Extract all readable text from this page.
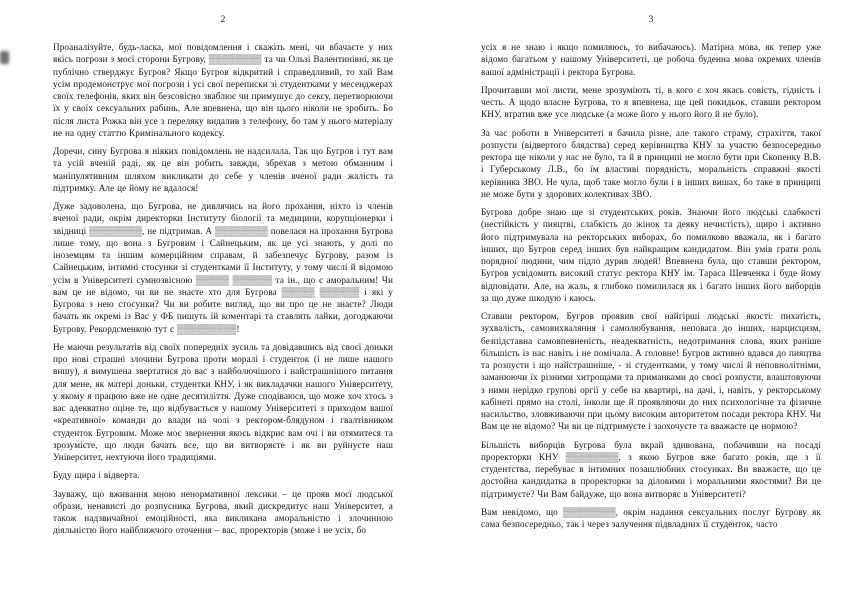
2

Проаналізуйте, будь-ласка, мої повідомлення і скажіть мені, чи вбачаєте у них якісь погрози з моєї сторони Бугрову, ▒▒▒▒▒▒▒▒ та чи Ользі Валентинівні, як це публічно стверджує Бугров? Якщо Бугров відкритий і справедливий, то хай Вам усім продемонструє мої погрози і усі свої переписки зі студентками у месенджерах своїх телефонів, яких він безсовісно зваблює чи примушує до сексу, перетворюючи їх у своїх сексуальних рабинь. Але впевнена, що він цього ніколи не зробить. Бо після листа Рожка він усе з переляку видалив з телефону, бо там у нього матеріалу не на одну статтю Кримінального кодексу.

Доречи, сину Бугрова я ніяких повідомлень не надсилала. Так що Бугров і тут вам та усій вченій раді, як це він робить завжди, збрехав з метою обманним і маніпулятивним шляхом викликати до себе у членів вченої ради жалість та підтримку. Але це йому не вдалося!

Дуже задоволена, що Бугрова, не дивлячись на його прохання, ніхто із членів вченої ради, окрім директорки Інституту біології та медицини, корупціонерки і звідниці ▒▒▒▒▒▒▒▒, не підтримав. А ▒▒▒▒▒▒▒▒ повелася на прохання Бугрова лише тому, що вона з Бугровим і Сайнецьким, як це усі знають, у долі по іноземцям та іншим комерційним справам, й забезпечує Бугрову, разом із Сайнецьким, інтимні стосунки зі студентками її Інституту, у тому числі й відомою усім в Університеті сумнозвісною ▒▒▒▒▒ ▒▒▒▒▒▒ та ін., що є аморальним! Чи вам це не відомо, чи ви не знаєте хто для Бугрова ▒▒▒▒▒ ▒▒▒▒▒▒ і які у Бугрова з нею стосунки? Чи ви робите вигляд, що ви про це не знаєте? Люди бачать як окремі із Вас у ФБ пишуть їй коментарі та ставлять лайки, догоджаючи Бугрову. Рекордсменкою тут є ▒▒▒▒▒▒▒▒▒!

Не маючи результатів від своїх попередніх зусиль та довідавшись від своєї доньки про нові страшні злочини Бугрова проти моралі і студенток (і не лише нашого вишу), я вимушена звертатися до вас з найболючішого і найстрашнішого питання для мене, як матері доньки, студентки КНУ, і як викладачки нашого Університету, у якому я працюю вже не одне десятиліття. Дуже сподіваюся, що може хоч хтось з вас адекватно оціне те, що відбувається у нашому Університеті з приходом вашої «креативної» команди до влади на чолі з ректором-блядуном і гвалтівником студенток Бугровим. Може моє звернення якось відкриє вам очі і ви отямитеся та зрозумієте, що люди бачать все, що ви витворяєте і як ви руйнуєте наш Університет, нехтуючи його традиціями.

Буду щира і відверта.

Зауважу, що вживання мною ненормативної лексики – це прояв моєї людської образи, ненависті до розпусника Бугрова, який дискредитує наш Університет, а також надзвичайної емоційності, яка викликана аморальністю і злочинною діяльністю його найближчого оточення – вас, проректорів (може і не усіх, бо

3

усіх я не знаю і якщо помиляюсь, то вибачаюсь). Матірна мова, як тепер уже відомо багатьом у нашому Університеті, це робоча буденна мова окремих членів вашої адміністрації і ректора Бугрова.

Прочитавши мої листи, мене зрозуміють ті, в кого є хоч якась совість, гідність і честь. А щодо власне Бугрова, то я впевнена, ще цей покидьок, ставши ректором КНУ, втратив вже усе людське (а може його у нього його й не було).

За час роботи в Університеті я бачила різне, але такого страму, страхіття, такої розпусти (відвертого блядства) серед керівництва КНУ за участю безпосередньо ректора ще ніколи у нас не було, та й в принципі не могло бути при Скопенку В.В. і Губерському Л.В., бо їм властиві порядність, моральність справжні якості керівника ЗВО. Не чула, щоб таке могло були і в інших вишах, бо таке в принципі не може бути у здорових колективах ЗВО.

Бугрова добре знаю ще зі студентських років. Знаючи його людські слабкості (нестійкість у пияцтві, слабкість до жінок та деяку нечистість), щиро і активно його підтримувала на ректорських виборах, бо помилково вважала, як і багато інших, що Бугров серед інших був найкращим кандидатом. Він умів грати роль порядної людини, чим підло дурив людей! Впевнена була, що ставши ректором, Бугров усвідомить високий статус ректора КНУ ім. Тараса Шевченка і буде йому відповідати. Але, на жаль, я глибоко помилилася як і багато інших його виборців за що дуже шкодую і каюсь.

Ставши ректором, Бугров проявив свої найгірші людські якості: пихатість, зухвалість, самовихваляння і самолюбування, неповага до інших, нарцисцизм, безпідставна самовпевненість, неадекватність, недотримання слова, яких раніше більшість із нас навіть і не помічала. А головне! Бугров активно вдався до пияцтва та розпусти і що найстрашніше, - зі студентками, у тому числі й неповнолітніми, заманюючи їх різними хитрощами та приманками до своєї розпусти, влаштовуючи з ними нерідко групові оргії у себе на квартирі, на дачі, і, навіть, у ректорському кабінеті прямо на столі, інколи ще й проявляючи до них психологічне та фізичне насильство, зловживаючи при цьому високим авторитетом посади ректора КНУ. Чи Вам це не відомо? Чи ви це підтримуєте і заохочуєте та вважаєте це нормою?

Більшість виборців Бугрова була вкрай здивована, побачивши на посаді проректорки КНУ ▒▒▒▒▒▒▒▒, з якою Бугров вже багато років, ще з її студентства, перебуває в інтимних позашлюбних стосунках. Ви вважаєте, що це достойна кандидатка в проректорки за діловими і моральними якостями? Ви це підтримуєте? Чи Вам байдуже, що вона витворяє в Університеті?

Вам невідомо, що ▒▒▒▒▒▒▒▒, окрім надання сексуальних послуг Бугрову як сама безпосередньо, так і через залучення підвладних її студенток, часто
